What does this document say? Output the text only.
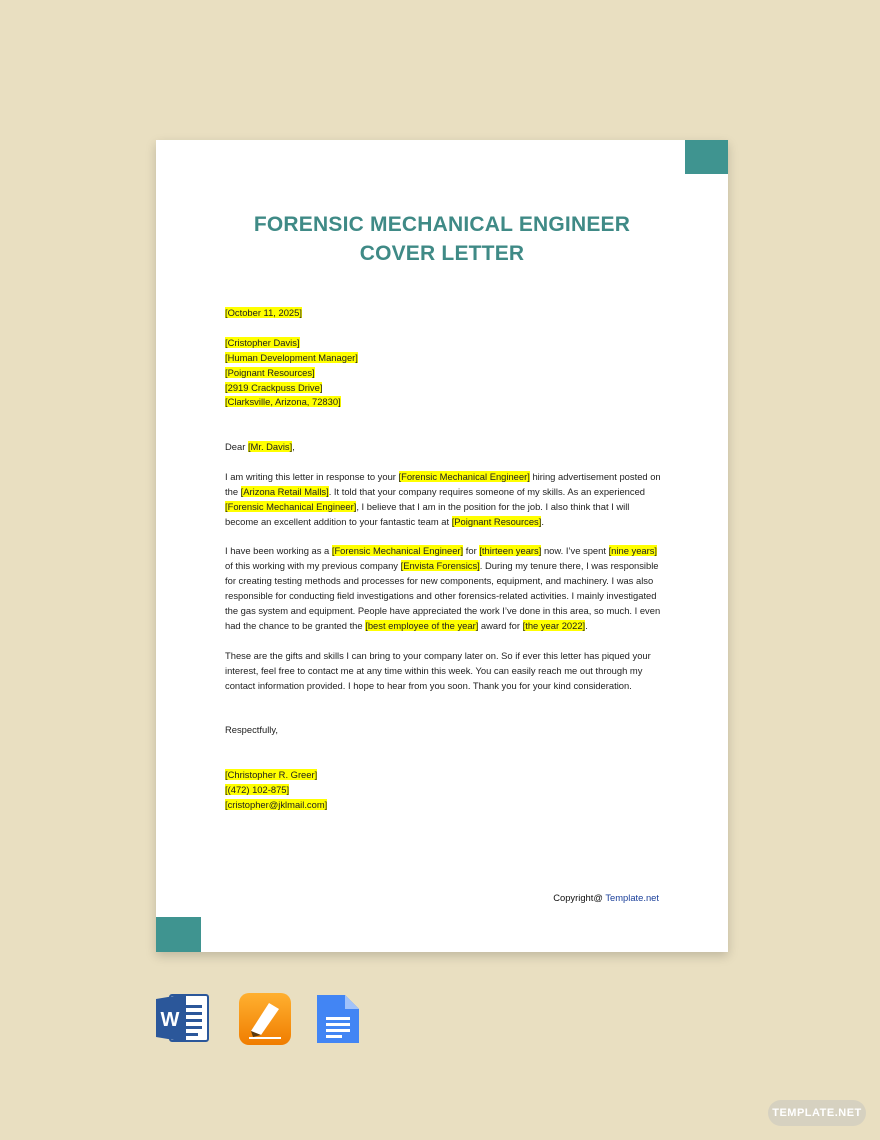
FORENSIC MECHANICAL ENGINEER
COVER LETTER

[October 11, 2025]

[Cristopher Davis]

[Human Development Manager]

[Poignant Resources]

[2919 Crackpuss Drive]

[Clarksville, Arizona, 72830]

Dear [Mr. Davis],

I am writing this letter in response to your [Forensic Mechanical Engineer] hiring advertisement posted on the [Arizona Retail Malls]. It told that your company requires someone of my skills. As an experienced [Forensic Mechanical Engineer], I believe that I am in the position for the job. I also think that I will become an excellent addition to your fantastic team at [Poignant Resources].

I have been working as a [Forensic Mechanical Engineer] for [thirteen years] now. I’ve spent [nine years] of this working with my previous company [Envista Forensics]. During my tenure there, I was responsible for creating testing methods and processes for new components, equipment, and machinery. I was also responsible for conducting field investigations and other forensics-related activities. I mainly investigated the gas system and equipment. People have appreciated the work I’ve done in this area, so much. I even had the chance to be granted the [best employee of the year] award for [the year 2022].

These are the gifts and skills I can bring to your company later on. So if ever this letter has piqued your interest, feel free to contact me at any time within this week. You can easily reach me out through my contact information provided. I hope to hear from you soon. Thank you for your kind consideration.

Respectfully,

[Christopher R. Greer]

[(472) 102-875]

[cristopher@jklmail.com]

Copyright@ Template.net
W
TEMPLATE.NET
